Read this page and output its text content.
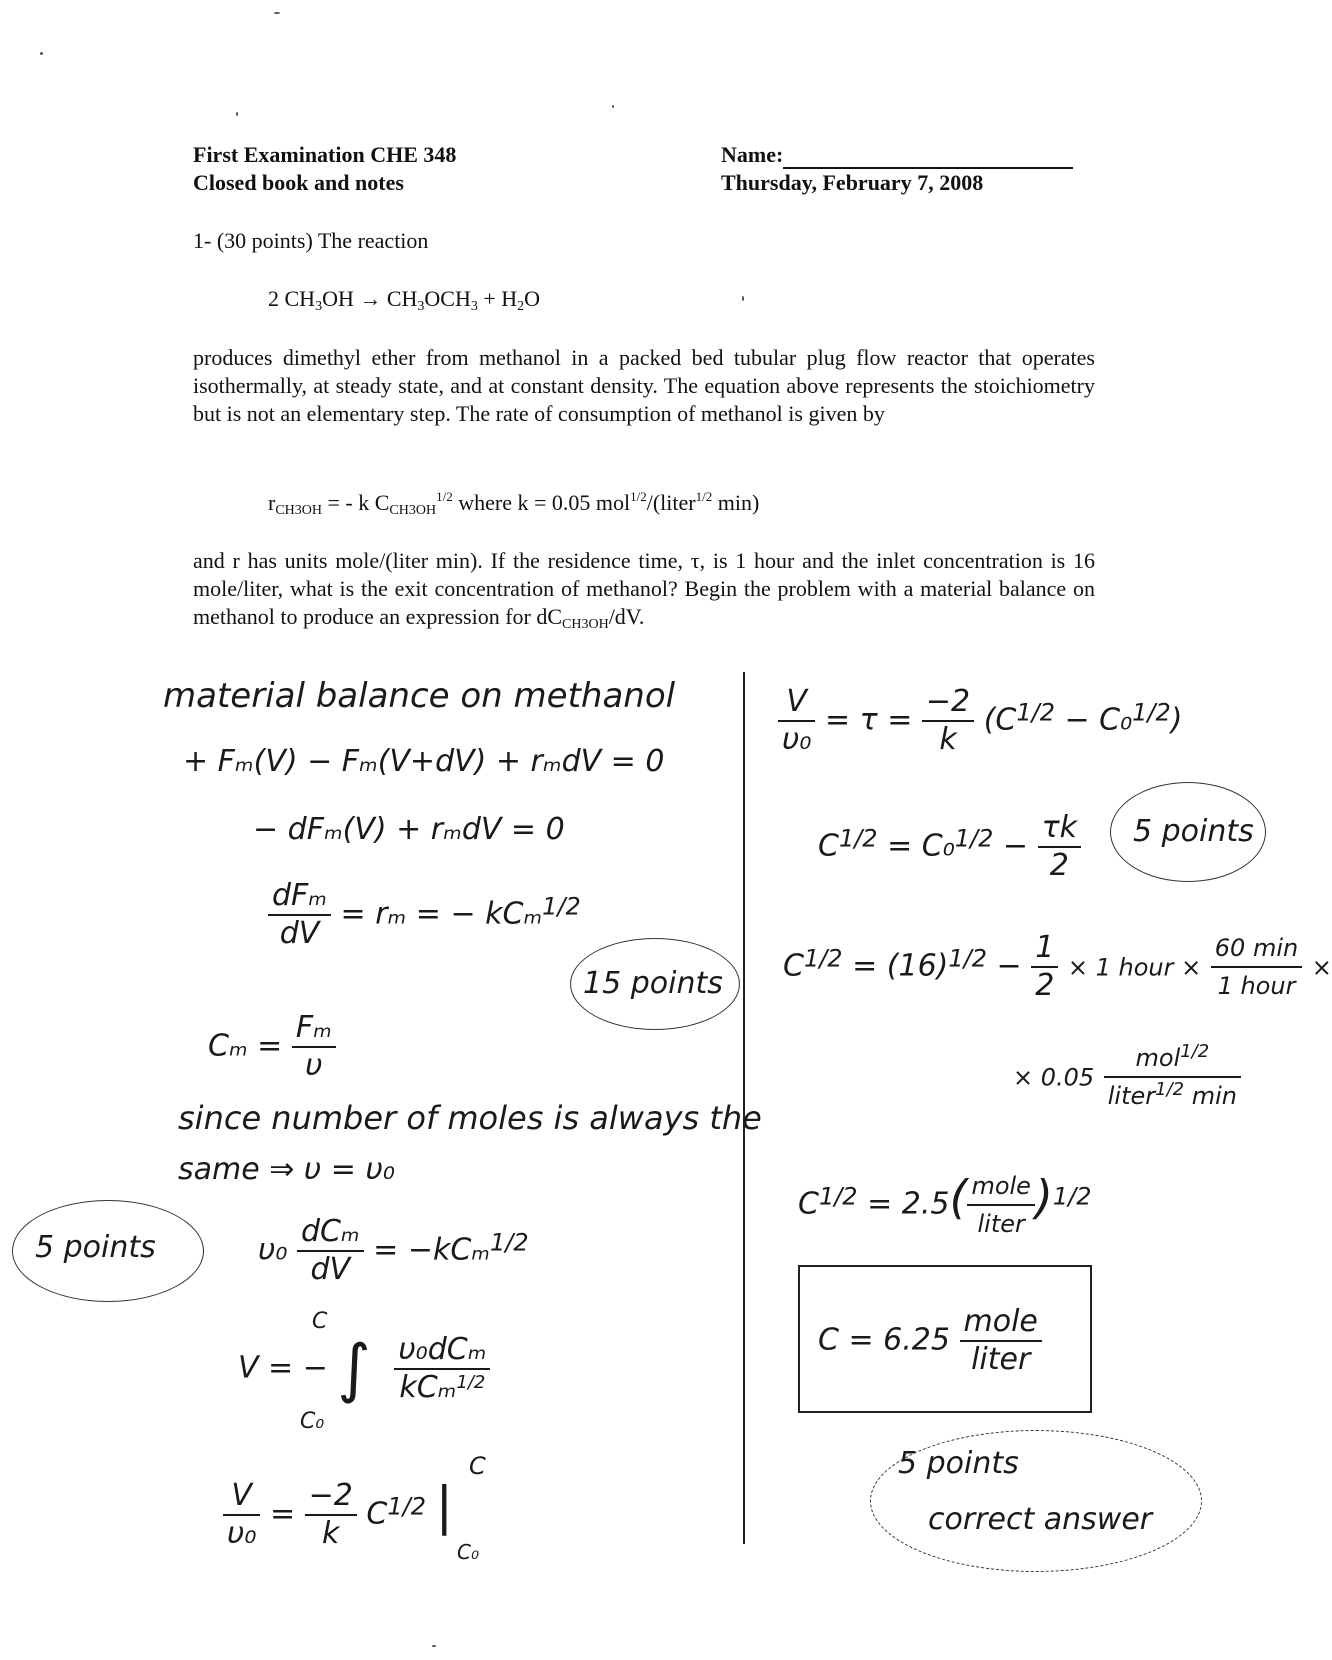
First Examination CHE 348
Closed book and notes
Name:
Thursday, February 7, 2008
1- (30 points) The reaction
2 $CH_3OH \to CH_3OCH_3 + H_2O$
produces dimethyl ether from methanol in a packed bed tubular plug flow reactor that operates isothermally, at steady state, and at constant density. The equation above represents the stoichiometry but is not an elementary step. The rate of consumption of methanol is given by
$r_{CH3OH}$ = - k $C_{CH3OH}^{1/2}$ where k = 0.05 mol$^{1/2}$/(liter$^{1/2}$ min)
and r has units mole/(liter min). If the residence time, τ, is 1 hour and the inlet concentration is 16 mole/liter, what is the exit concentration of methanol? Begin the problem with a material balance on methanol to produce an expression for $dC_{CH3OH}/dV$.
material balance on methanol
+ Fₘ(V) − Fₘ(V+dV) + rₘdV = 0
− dFₘ(V) + rₘdV = 0
$\frac{\text{dFₘ}}{dV} = r_m$ = − kCₘ$^{1/2}$
15 points
$C_m = \frac{\text{Fₘ}}{\upsilon}$
since number of moles is always the
same ⇒ υ = υ₀
5 points	$\upsilon_0 \frac{\text{dCₘ}}{dV} = -kC_m^{1/2}$
V = − ∫
C
C₀
$\frac{\text{υ₀dCₘ}}{kC_m^{1/2}}$
$\frac{V}{\text{υ₀}} = \frac{-2}{k} C^{1/2}$ |
C
C₀
$\frac{V}{\text{υ₀}} = \tau = \frac{-2}{k} (C^{1/2} - C_0^{1/2})$
$C^{1/2} = C_0^{1/2} - \frac{\tau k}{2} 5$ points
$C^{1/2} = (16)^{1/2} - \frac{1}{2} \times 1$ hour × $\frac{60 \min}{\text{1 hour}}$ ×
× $0.05 \frac{mol^{1/2}}{liter^{1/2} \min}$
$C^{1/2} = 2.5( \frac{\text{mole}}{\text{liter}} )^{1/2}$
$C = 6.25 \frac{\text{mole}}{\text{liter}}$
5 points
correct answer
